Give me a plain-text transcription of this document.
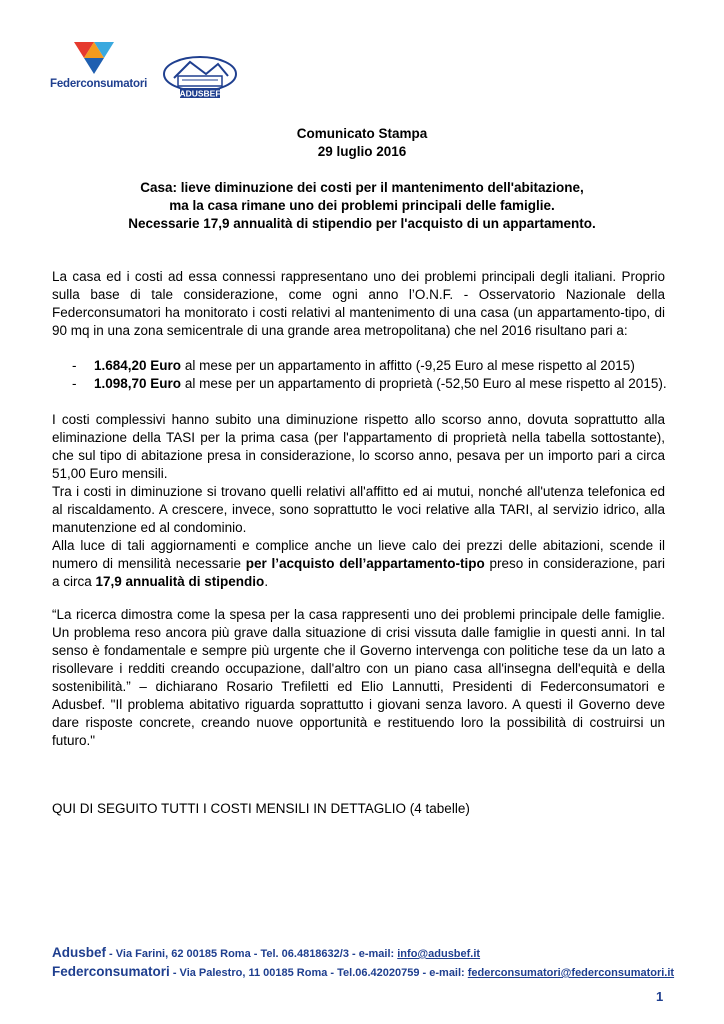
Federconsumatori
ADUSBEF
Comunicato Stampa
29 luglio 2016
Casa: lieve diminuzione dei costi per il mantenimento dell'abitazione,
ma la casa rimane uno dei problemi principali delle famiglie.
Necessarie 17,9 annualità di stipendio per l'acquisto di un appartamento.

La casa ed i costi ad essa connessi rappresentano uno dei problemi principali degli italiani. Proprio sulla base di tale considerazione, come ogni anno l’O.N.F. - Osservatorio Nazionale della Federconsumatori ha monitorato i costi relativi al mantenimento di una casa (un appartamento-tipo, di 90 mq in una zona semicentrale di una grande area metropolitana) che nel 2016 risultano pari a:

- 1.684,20 Euro al mese per un appartamento in affitto (-9,25 Euro al mese rispetto al 2015)
- 1.098,70 Euro al mese per un appartamento di proprietà (-52,50 Euro al mese rispetto al 2015).

I costi complessivi hanno subito una diminuzione rispetto allo scorso anno, dovuta soprattutto alla eliminazione della TASI per la prima casa (per l'appartamento di proprietà nella tabella sottostante), che sul tipo di abitazione presa in considerazione, lo scorso anno, pesava per un importo pari a circa 51,00 Euro mensili.

Tra i costi in diminuzione si trovano quelli relativi all'affitto ed ai mutui, nonché all'utenza telefonica ed al riscaldamento. A crescere, invece, sono soprattutto le voci relative alla TARI, al servizio idrico, alla manutenzione ed al condominio.

Alla luce di tali aggiornamenti e complice anche un lieve calo dei prezzi delle abitazioni, scende il numero di mensilità necessarie per l’acquisto dell’appartamento-tipo preso in considerazione, pari a circa 17,9 annualità di stipendio.

“La ricerca dimostra come la spesa per la casa rappresenti uno dei problemi principale delle famiglie. Un problema reso ancora più grave dalla situazione di crisi vissuta dalle famiglie in questi anni. In tal senso è fondamentale e sempre più urgente che il Governo intervenga con politiche tese da un lato a risollevare i redditi creando occupazione, dall'altro con un piano casa all'insegna dell'equità e della sostenibilità.” – dichiarano Rosario Trefiletti ed Elio Lannutti, Presidenti di Federconsumatori e Adusbef. "Il problema abitativo riguarda soprattutto i giovani senza lavoro. A questi il Governo deve dare risposte concrete, creando nuove opportunità e restituendo loro la possibilità di costruirsi un futuro."

QUI DI SEGUITO TUTTI I COSTI MENSILI IN DETTAGLIO (4 tabelle)

Adusbef - Via Farini, 62 00185 Roma - Tel. 06.4818632/3 - e-mail: info@adusbef.it
Federconsumatori - Via Palestro, 11 00185 Roma - Tel.06.42020759 - e-mail: federconsumatori@federconsumatori.it
1
